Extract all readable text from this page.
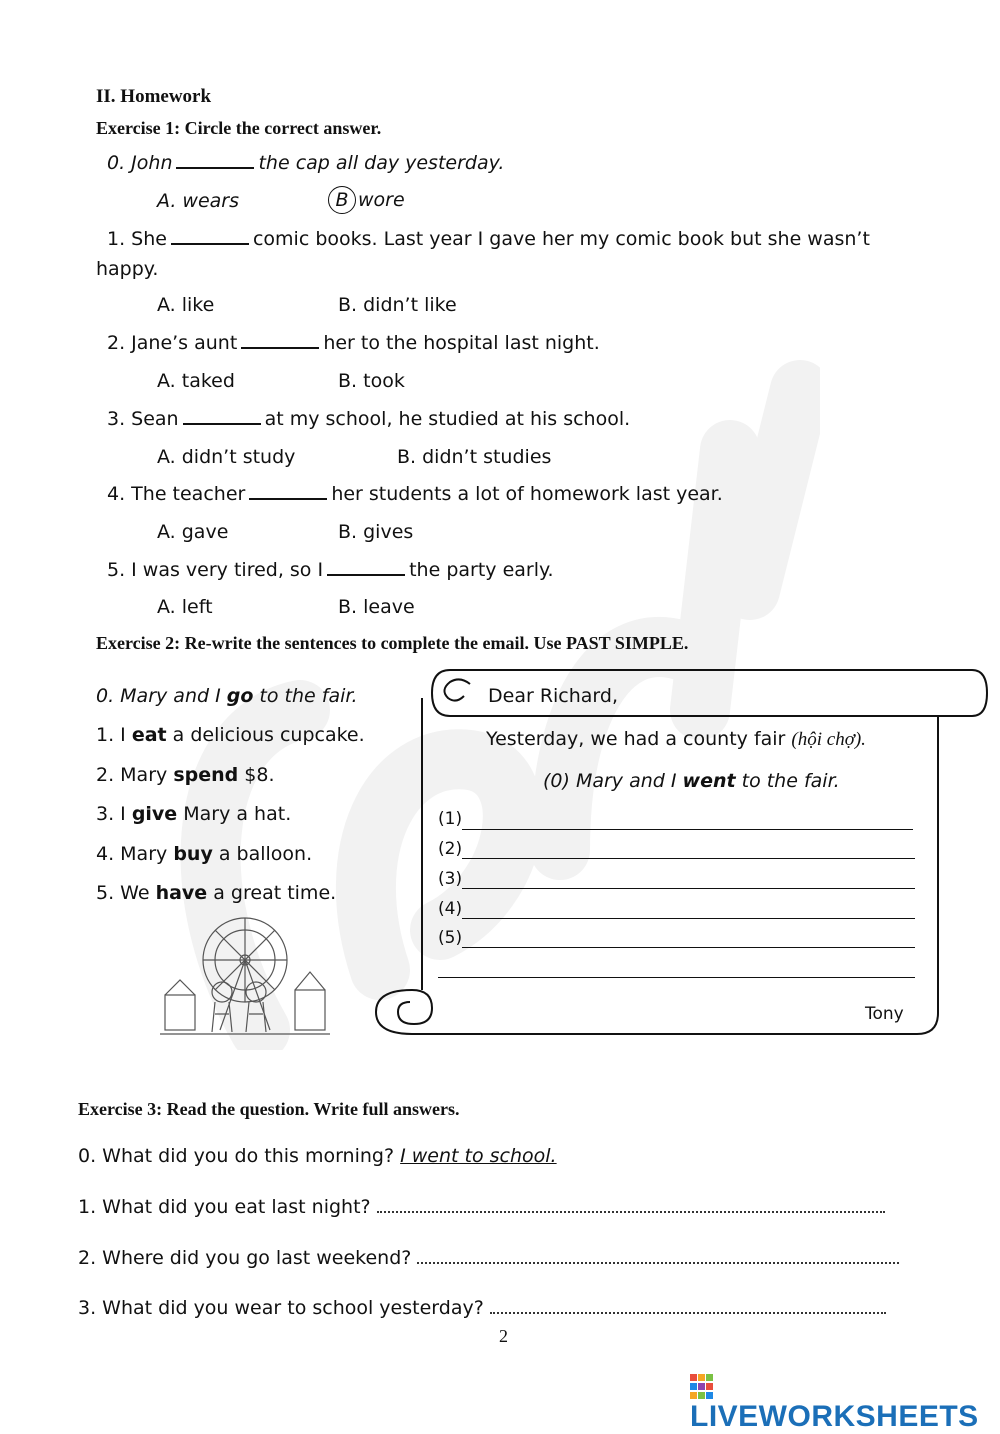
II. Homework
Exercise 1: Circle the correct answer.
0. John	the cap all day yesterday.
A. wears	B wore
1. She	comic books. Last year I gave her my comic book but she wasn’t
happy.
A. like	B. didn’t like
2. Jane’s aunt	her to the hospital last night.
A. taked	B. took
3. Sean	at my school, he studied at his school.
A. didn’t study	B. didn’t studies
4. The teacher	her students a lot of homework last year.
A. gave	B. gives
5. I was very tired, so I	the party early.
A. left	B. leave
Exercise 2: Re-write the sentences to complete the email. Use PAST SIMPLE.
0. Mary and I go to the fair.
1. I eat a delicious cupcake.
2. Mary spend $8.
3. I give Mary a hat.
4. Mary buy a balloon.
5. We have a great time.
Dear Richard,
Yesterday, we had a county fair (hội chợ).
(0) Mary and I went to the fair.
(1)
(2)
(3)
(4)
(5)
Tony
Exercise 3: Read the question. Write full answers.
0. What did you do this morning? I went to school.
1. What did you eat last night?
2. Where did you go last weekend?
3. What did you wear to school yesterday?
2
LIVEWORKSHEETS
